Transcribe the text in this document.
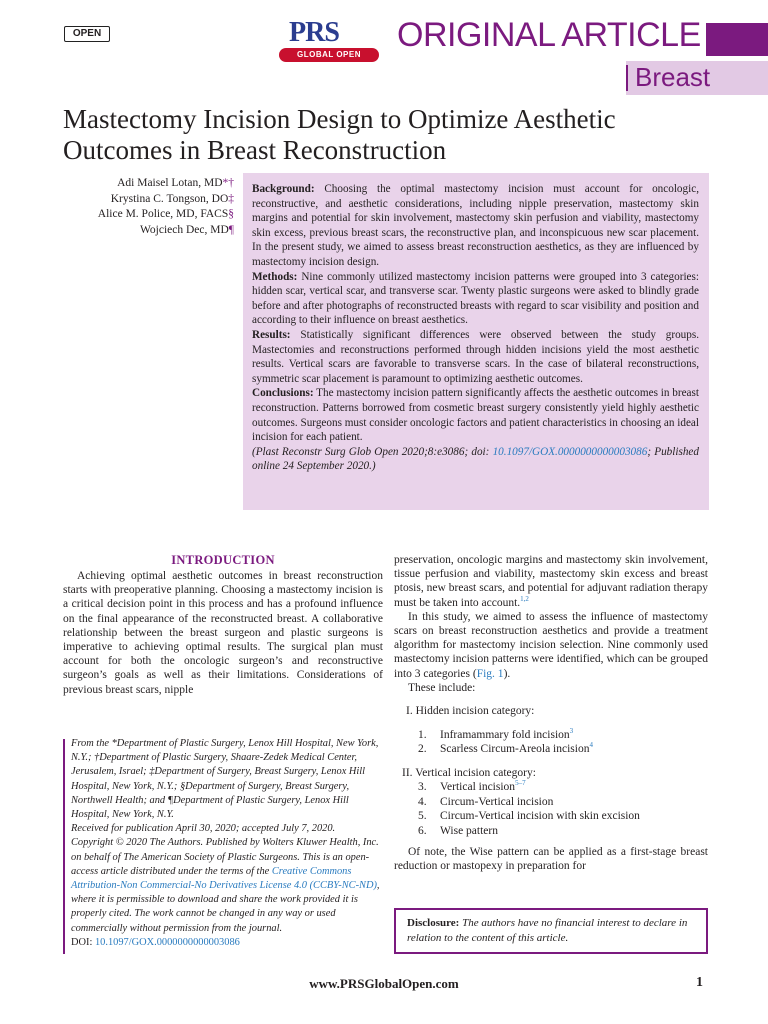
OPEN	PRS
GLOBAL OPEN
ORIGINAL ARTICLE
Breast
Mastectomy Incision Design to Optimize Aesthetic
Outcomes in Breast Reconstruction
Adi Maisel Lotan, MD*†
Krystina C. Tongson, DO‡
Alice M. Police, MD, FACS§
Wojciech Dec, MD¶

Background: Choosing the optimal mastectomy incision must account for oncologic, reconstructive, and aesthetic considerations, including nipple preservation, mastectomy skin margins and potential for skin involvement, mastectomy skin perfusion and viability, mastectomy skin excess, previous breast scars, the reconstructive plan, and inconspicuous new scar placement. In the present study, we aimed to assess breast reconstruction aesthetics, as they are influenced by mastectomy incision design.

Methods: Nine commonly utilized mastectomy incision patterns were grouped into 3 categories: hidden scar, vertical scar, and transverse scar. Twenty plastic surgeons were asked to blindly grade before and after photographs of reconstructed breasts with regard to scar visibility and position and according to their influence on breast aesthetics.

Results: Statistically significant differences were observed between the study groups. Mastectomies and reconstructions performed through hidden incisions yield the most aesthetic results. Vertical scars are favorable to transverse scars. In the case of bilateral reconstructions, symmetric scar placement is paramount to optimizing aesthetic outcomes.

Conclusions: The mastectomy incision pattern significantly affects the aesthetic outcomes in breast reconstruction. Patterns borrowed from cosmetic breast surgery consistently yield highly aesthetic outcomes. Surgeons must consider oncologic factors and patient characteristics in choosing an ideal incision for each patient.

(Plast Reconstr Surg Glob Open 2020;8:e3086; doi: 10.1097/GOX.0000000000003086; Published online 24 September 2020.)

INTRODUCTION

Achieving optimal aesthetic outcomes in breast reconstruction starts with preoperative planning. Choosing a mastectomy incision is a critical decision point in this process and has a profound influence on the final appearance of the reconstructed breast. A collaborative relationship between the breast surgeon and plastic surgeons is imperative to achieving optimal results. The surgical plan must account for both the oncologic surgeon’s and reconstructive surgeon’s goals as well as their limitations. Considerations of previous breast scars, nipple

preservation, oncologic margins and mastectomy skin involvement, tissue perfusion and viability, mastectomy skin excess and breast ptosis, new breast scars, and potential for adjuvant radiation therapy must be taken into account.$^{1,2}$

In this study, we aimed to assess the influence of mastectomy scars on breast reconstruction aesthetics and provide a treatment algorithm for mastectomy incision selection. Nine commonly used mastectomy incision patterns were identified, which can be grouped into 3 categories (Fig. 1).

These include:

I. Hidden incision category:
1. Inframammary fold incision$^3$
2. Scarless Circum-Areola incision$^4$
II. Vertical incision category:
3. Vertical incision$^{5-7}$
4. Circum-Vertical incision
5. Circum-Vertical incision with skin excision
6. Wise pattern

Of note, the Wise pattern can be applied as a first-stage breast reduction or mastopexy in preparation for

From the *Department of Plastic Surgery, Lenox Hill Hospital, New York, N.Y.; †Department of Plastic Surgery, Shaare-Zedek Medical Center, Jerusalem, Israel; ‡Department of Surgery, Breast Surgery, Lenox Hill Hospital, New York, N.Y.; §Department of Surgery, Breast Surgery, Northwell Health; and ¶Department of Plastic Surgery, Lenox Hill Hospital, New York, N.Y.

Received for publication April 30, 2020; accepted July 7, 2020.

Copyright © 2020 The Authors. Published by Wolters Kluwer Health, Inc. on behalf of The American Society of Plastic Surgeons. This is an open-access article distributed under the terms of the Creative Commons Attribution-Non Commercial-No Derivatives License 4.0 (CCBY-NC-ND), where it is permissible to download and share the work provided it is properly cited. The work cannot be changed in any way or used commercially without permission from the journal.

DOI: 10.1097/GOX.0000000000003086

Disclosure: The authors have no financial interest to declare in relation to the content of this article.
www.PRSGlobalOpen.com	1
